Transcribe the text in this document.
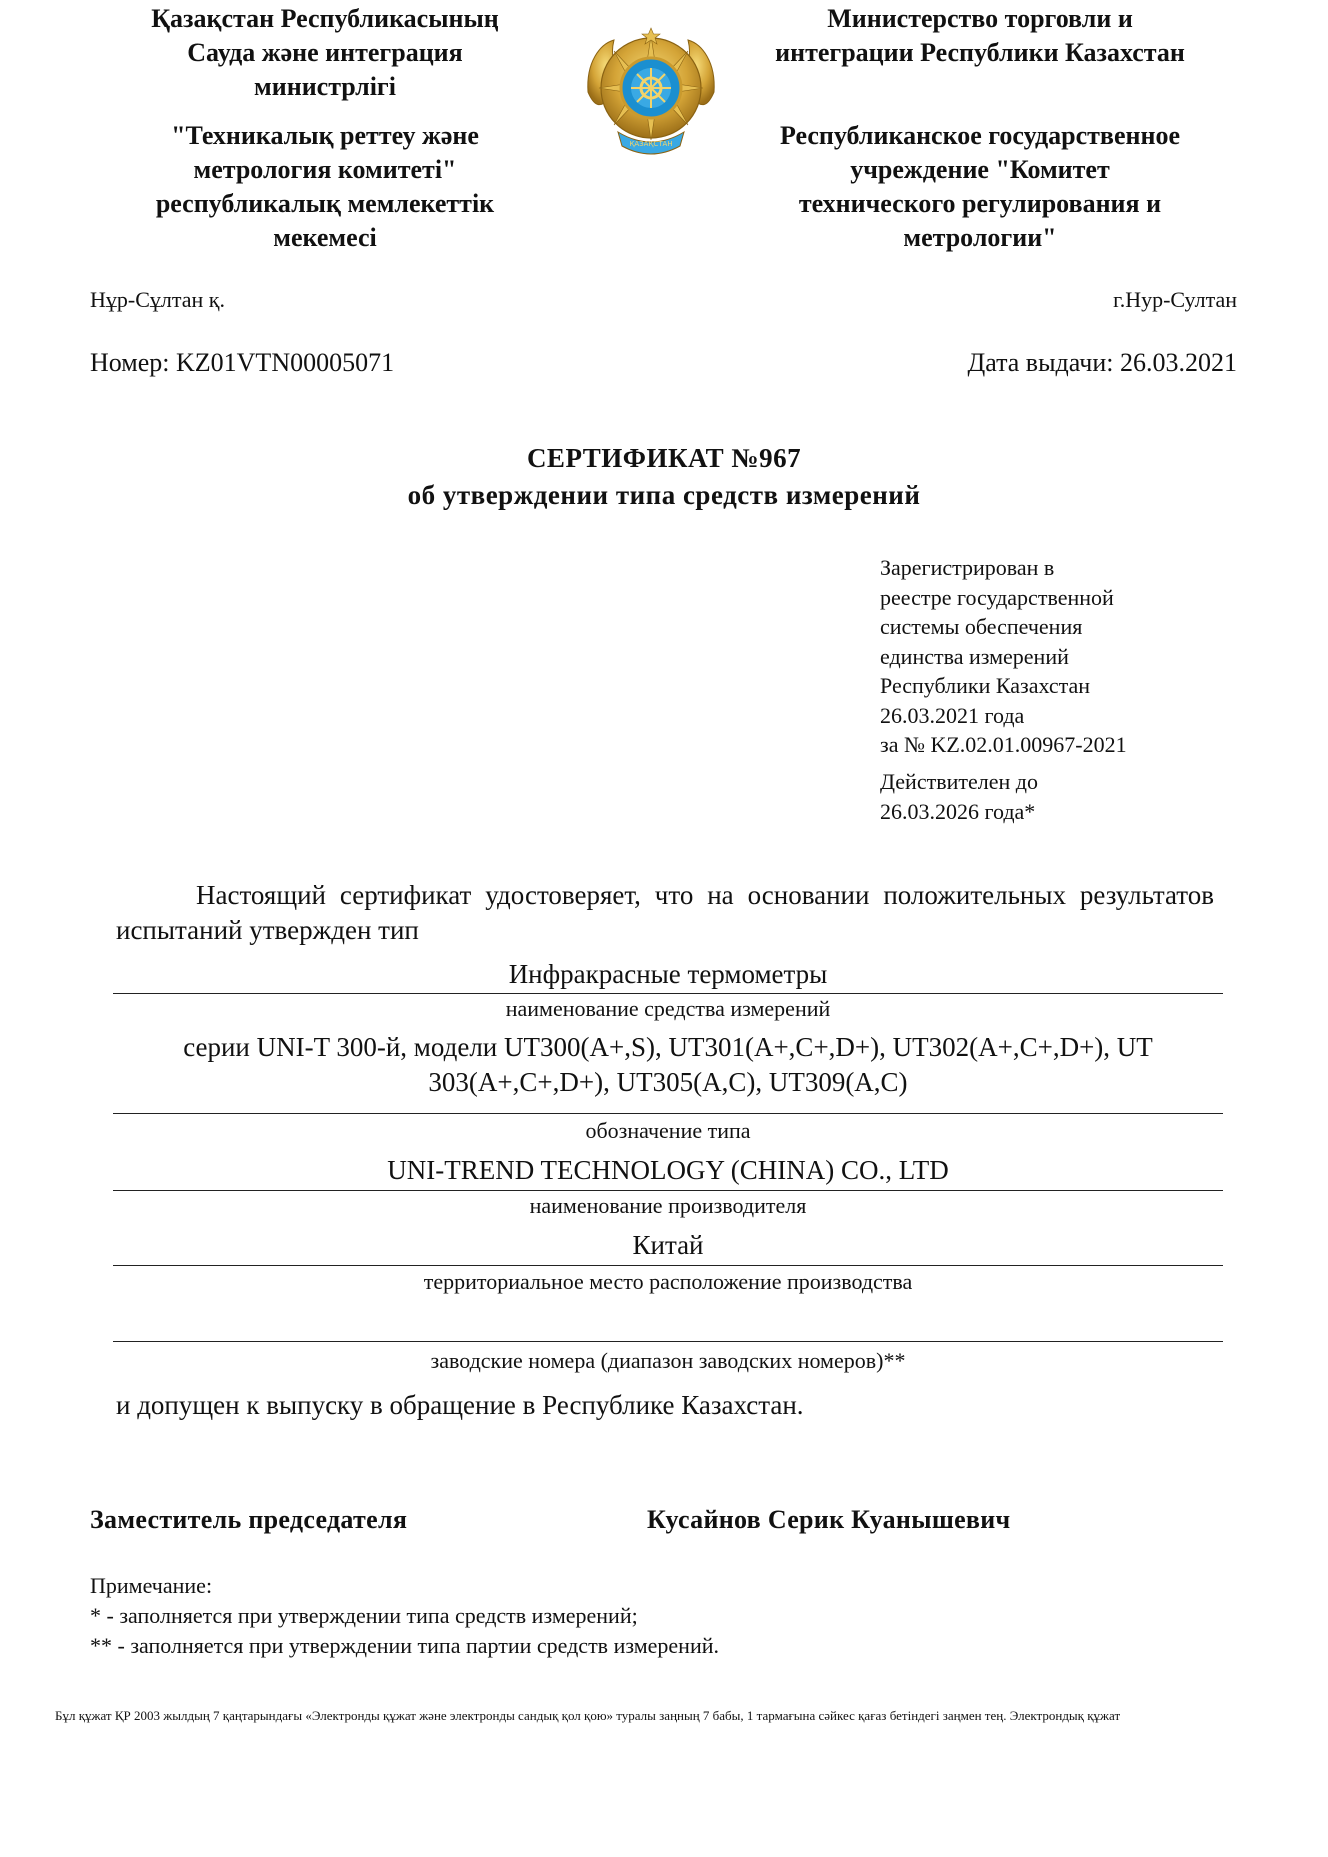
Қазақстан Республикасының
Сауда және интеграция
министрлігі
"Техникалық реттеу және
метрология комитеті"
республикалық мемлекеттік
мекемесі
ҚАЗАҚСТАН
Министерство торговли и
интеграции Республики Казахстан
Республиканское государственное
учреждение "Комитет
технического регулирования и
метрологии"
Нұр-Сұлтан қ.	г.Нур-Султан
Номер: KZ01VTN00005071	Дата выдачи: 26.03.2021
СЕРТИФИКАТ №967
об утверждении типа средств измерений
Зарегистрирован в
реестре государственной
системы обеспечения
единства измерений
Республики Казахстан
26.03.2021 года
за № KZ.02.01.00967-2021
Действителен до
26.03.2026 года*
Настоящий сертификат удостоверяет, что на основании положительных результатов испытаний утвержден тип
Инфракрасные термометры
наименование средства измерений
серии UNI-T 300-й, модели UT300(A+,S), UT301(A+,C+,D+), UT302(A+,C+,D+), UT 303(A+,C+,D+), UT305(A,C), UT309(A,C)
обозначение типа
UNI-TREND TECHNOLOGY (CHINA) CO., LTD
наименование производителя
Китай
территориальное место расположение производства
заводские номера (диапазон заводских номеров)**
и допущен к выпуску в обращение в Республике Казахстан.
Заместитель председателя	Кусайнов Серик Куанышевич
Примечание:
* - заполняется при утверждении типа средств измерений;
** - заполняется при утверждении типа партии средств измерений.
Бұл құжат ҚР 2003 жылдың 7 қаңтарындағы «Электронды құжат және электронды сандық қол қою» туралы заңның 7 бабы, 1 тармағына сәйкес қағаз бетіндегі заңмен тең. Электрондық құжат
